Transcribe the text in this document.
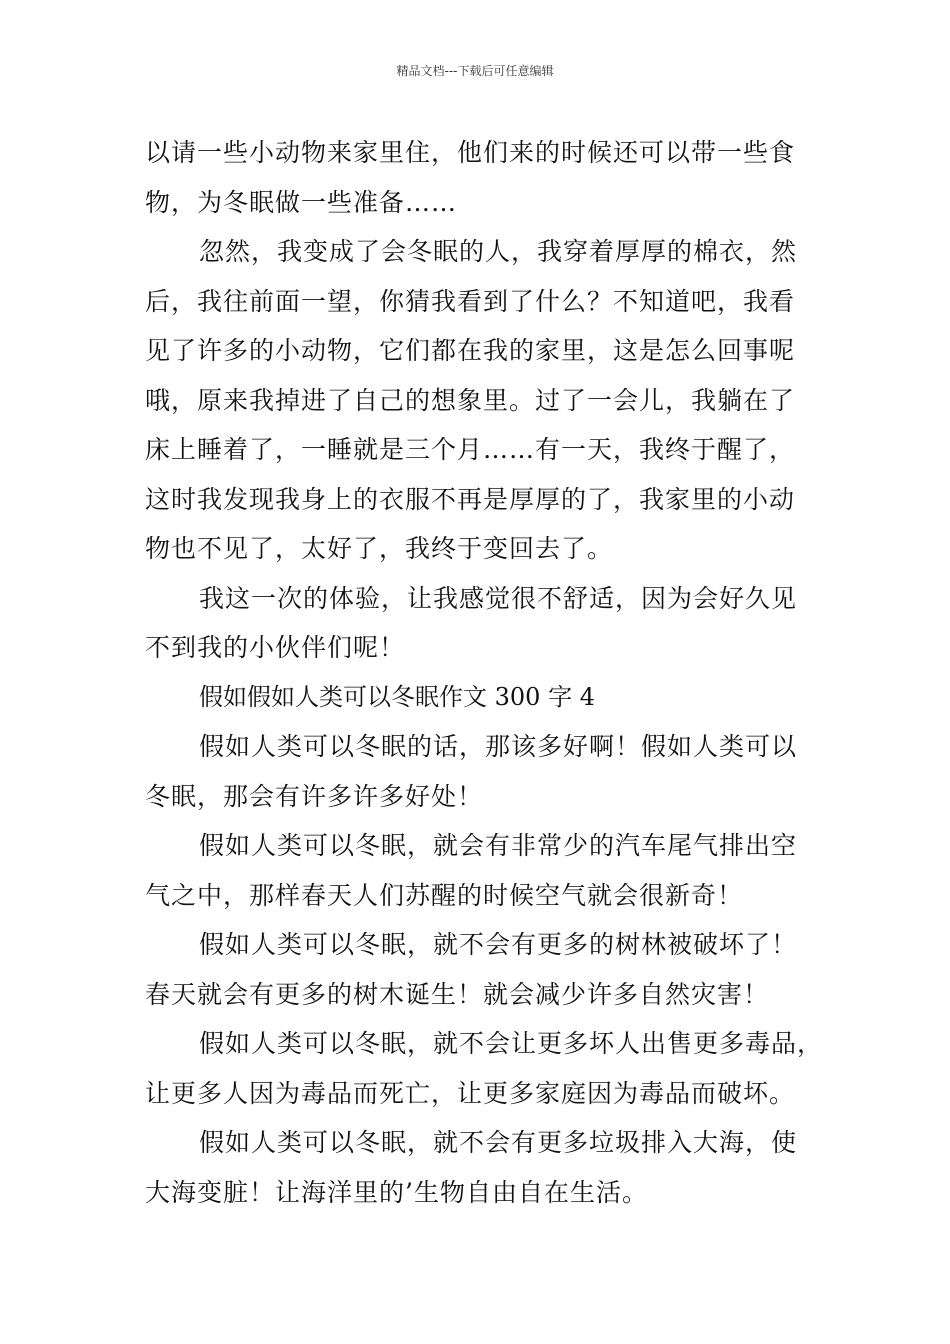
精品文档---下载后可任意编辑
以请一些小动物来家里住，他们来的时候还可以带一些食
物，为冬眠做一些准备……
忽然，我变成了会冬眠的人，我穿着厚厚的棉衣，然
后，我往前面一望，你猜我看到了什么？不知道吧，我看
见了许多的小动物，它们都在我的家里，这是怎么回事呢
哦，原来我掉进了自己的想象里。过了一会儿，我躺在了
床上睡着了，一睡就是三个月……有一天，我终于醒了，
这时我发现我身上的衣服不再是厚厚的了，我家里的小动
物也不见了，太好了，我终于变回去了。
我这一次的体验，让我感觉很不舒适，因为会好久见
不到我的小伙伴们呢！
假如假如人类可以冬眠作文 300 字 4
假如人类可以冬眠的话，那该多好啊！假如人类可以
冬眠，那会有许多许多好处！
假如人类可以冬眠，就会有非常少的汽车尾气排出空
气之中，那样春天人们苏醒的时候空气就会很新奇！
假如人类可以冬眠，就不会有更多的树林被破坏了！
春天就会有更多的树木诞生！就会减少许多自然灾害！
假如人类可以冬眠，就不会让更多坏人出售更多毒品，
让更多人因为毒品而死亡，让更多家庭因为毒品而破坏。
假如人类可以冬眠，就不会有更多垃圾排入大海，使
大海变脏！让海洋里的’生物自由自在生活。
